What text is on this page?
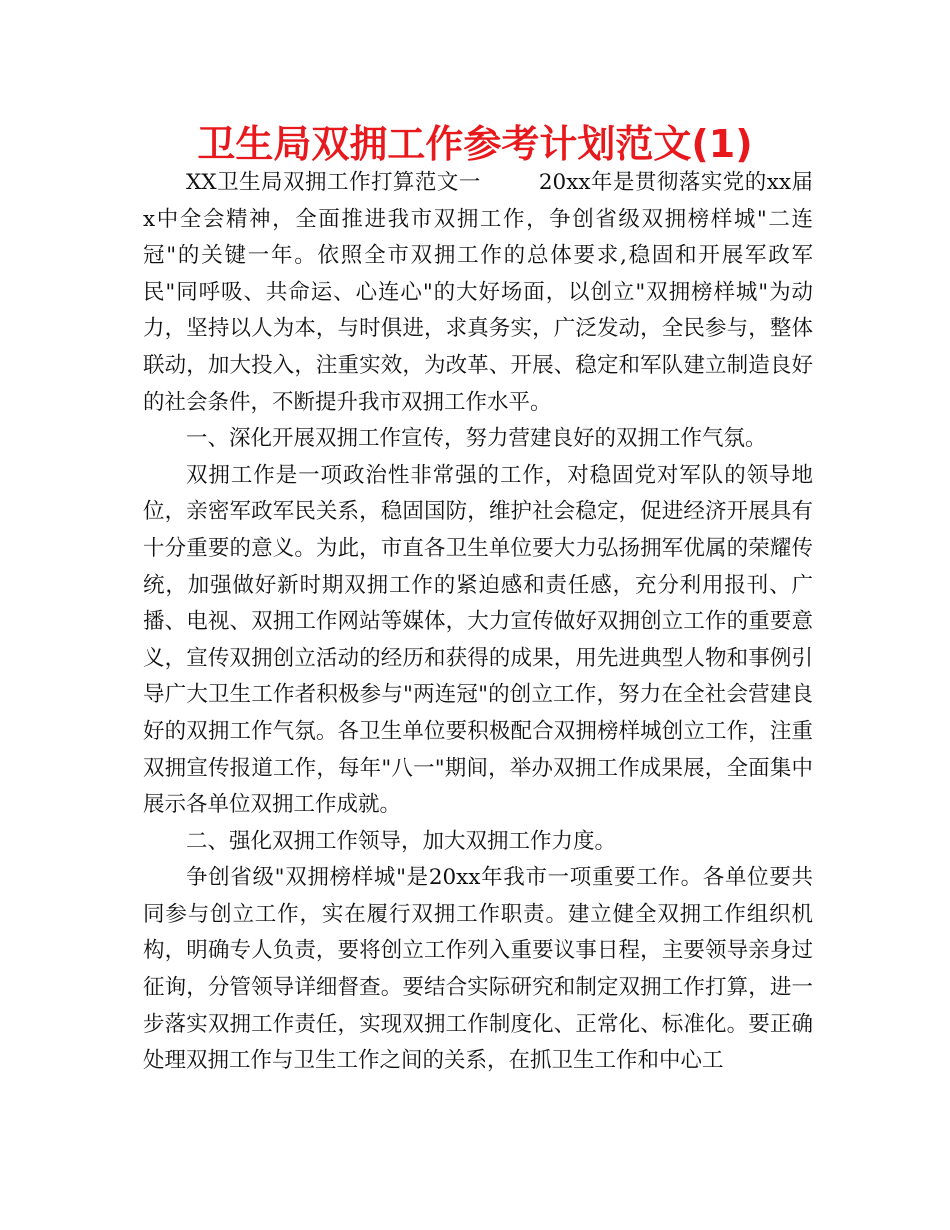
卫生局双拥工作参考计划范文(1)

XX卫生局双拥工作打算范文一	20xx年是贯彻落实党的xx届x中全会精神，全面推进我市双拥工作，争创省级双拥榜样城"二连冠"的关键一年。依照全市双拥工作的总体要求,稳固和开展军政军民"同呼吸、共命运、心连心"的大好场面，以创立"双拥榜样城"为动力，坚持以人为本，与时俱进，求真务实，广泛发动，全民参与，整体联动，加大投入，注重实效，为改革、开展、稳定和军队建立制造良好的社会条件，不断提升我市双拥工作水平。

一、深化开展双拥工作宣传，努力营建良好的双拥工作气氛。

双拥工作是一项政治性非常强的工作，对稳固党对军队的领导地位，亲密军政军民关系，稳固国防，维护社会稳定，促进经济开展具有十分重要的意义。为此，市直各卫生单位要大力弘扬拥军优属的荣耀传统，加强做好新时期双拥工作的紧迫感和责任感，充分利用报刊、广播、电视、双拥工作网站等媒体，大力宣传做好双拥创立工作的重要意义，宣传双拥创立活动的经历和获得的成果，用先进典型人物和事例引导广大卫生工作者积极参与"两连冠"的创立工作，努力在全社会营建良好的双拥工作气氛。各卫生单位要积极配合双拥榜样城创立工作，注重双拥宣传报道工作，每年"八一"期间，举办双拥工作成果展，全面集中展示各单位双拥工作成就。

二、强化双拥工作领导，加大双拥工作力度。

争创省级"双拥榜样城"是20xx年我市一项重要工作。各单位要共同参与创立工作，实在履行双拥工作职责。建立健全双拥工作组织机构，明确专人负责，要将创立工作列入重要议事日程，主要领导亲身过征询，分管领导详细督查。要结合实际研究和制定双拥工作打算，进一步落实双拥工作责任，实现双拥工作制度化、正常化、标准化。要正确处理双拥工作与卫生工作之间的关系，在抓卫生工作和中心工
